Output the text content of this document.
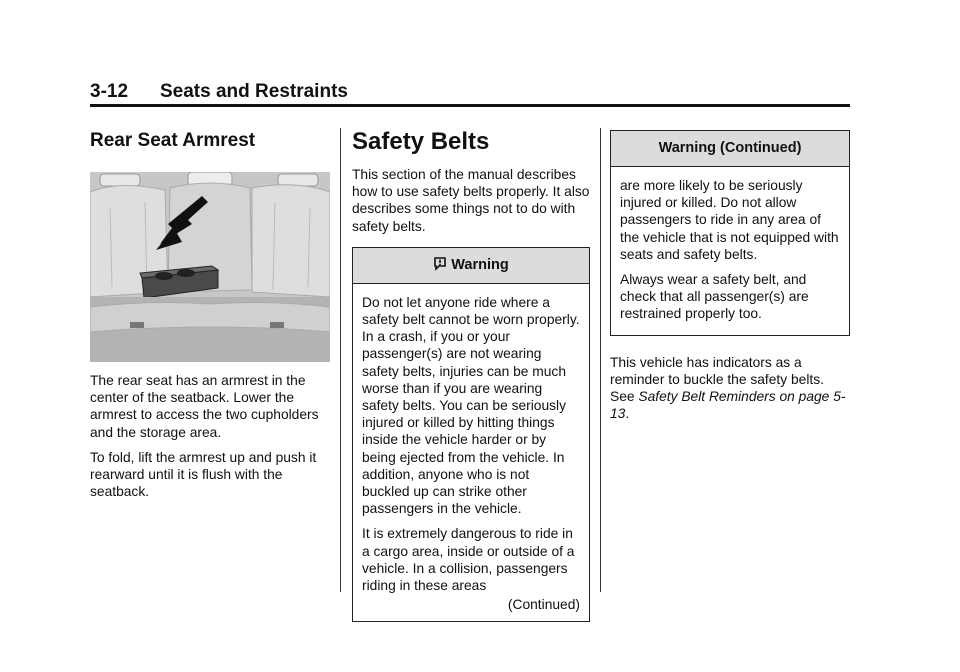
3-12 Seats and Restraints
Rear Seat Armrest

The rear seat has an armrest in the center of the seatback. Lower the armrest to access the two cupholders and the storage area.

To fold, lift the armrest up and push it rearward until it is flush with the seatback.

Safety Belts

This section of the manual describes how to use safety belts properly. It also describes some things not to do with safety belts.

Warning

Do not let anyone ride where a safety belt cannot be worn properly. In a crash, if you or your passenger(s) are not wearing safety belts, injuries can be much worse than if you are wearing safety belts. You can be seriously injured or killed by hitting things inside the vehicle harder or by being ejected from the vehicle. In addition, anyone who is not buckled up can strike other passengers in the vehicle.

It is extremely dangerous to ride in a cargo area, inside or outside of a vehicle. In a collision, passengers riding in these areas

(Continued)

Warning (Continued)

are more likely to be seriously injured or killed. Do not allow passengers to ride in any area of the vehicle that is not equipped with seats and safety belts.

Always wear a safety belt, and check that all passenger(s) are restrained properly too.

This vehicle has indicators as a reminder to buckle the safety belts. See Safety Belt Reminders on page 5-13.
